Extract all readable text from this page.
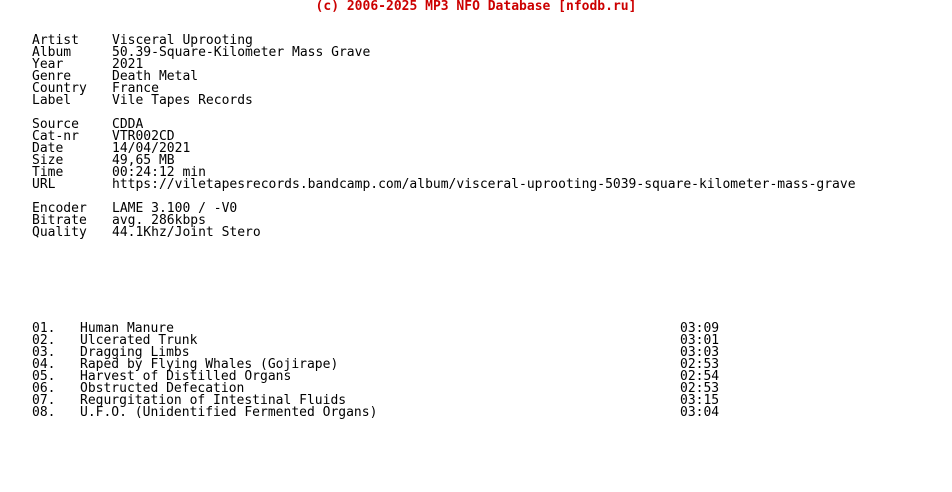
(c) 2006-2025 MP3 NFO Database [nfodb.ru]
Artist	Visceral Uprooting
Album	50.39-Square-Kilometer Mass Grave
Year	2021
Genre	Death Metal
Country France
Label	Vile Tapes Records
Source	CDDA
Cat-nr	VTR002CD
Date	14/04/2021
Size	49,65 MB
Time	00:24:12 min
URL	https://viletapesrecords.bandcamp.com/album/visceral-uprooting-5039-square-kilometer-mass-grave
Encoder LAME 3.100 / -V0
Bitrate avg. 286kbps
Quality 44.1Khz/Joint Stero
01. Human Manure	03:09
02. Ulcerated Trunk	03:01
03. Dragging Limbs	03:03
04. Raped by Flying Whales (Gojirape)	02:53
05. Harvest of Distilled Organs	02:54
06. Obstructed Defecation	02:53
07. Regurgitation of Intestinal Fluids	03:15
08. U.F.O. (Unidentified Fermented Organs)	03:04
